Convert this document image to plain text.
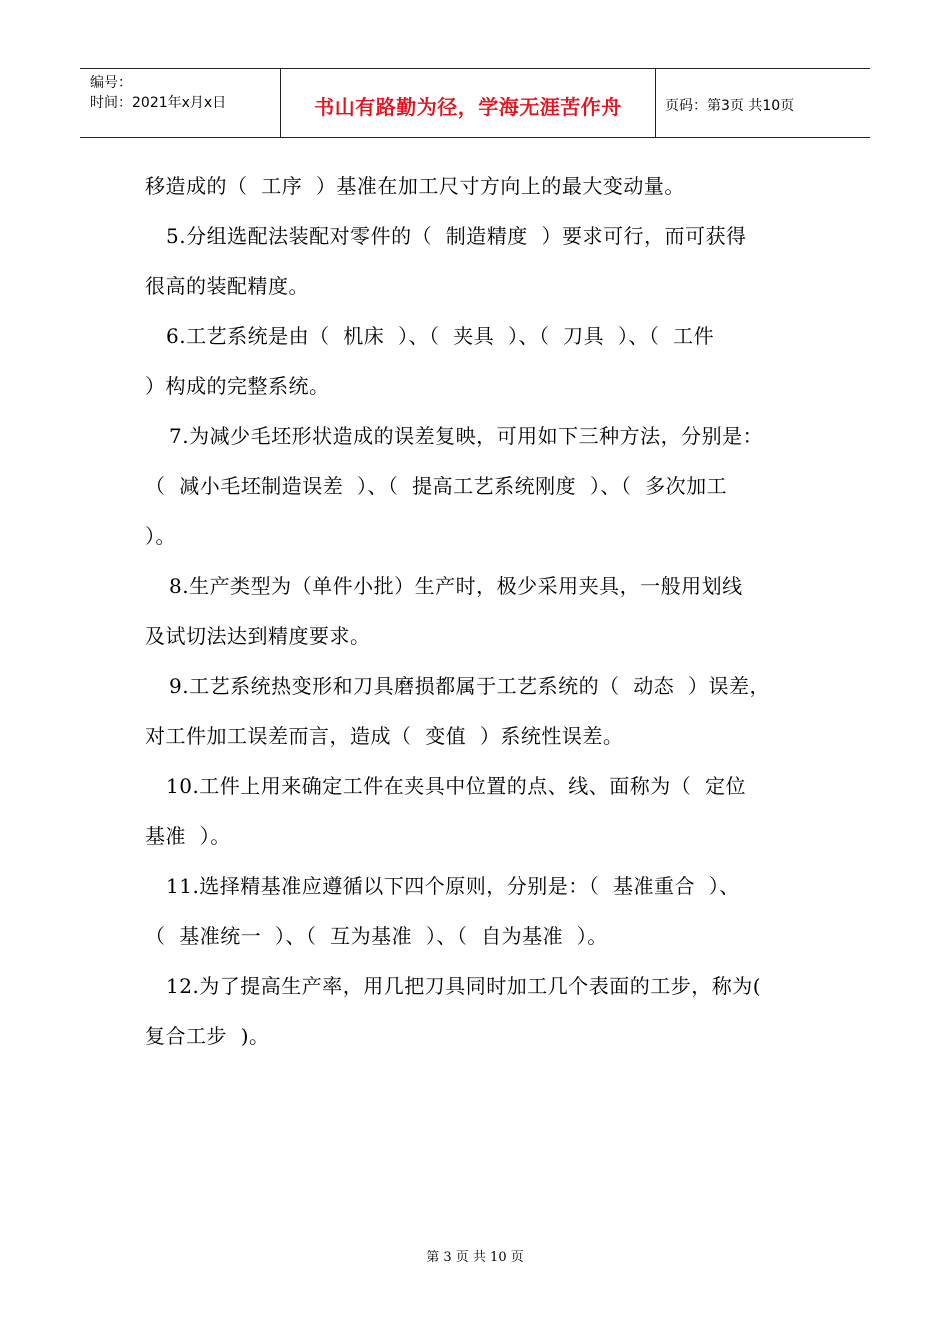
编号：
时间：2021年x月x日	书山有路勤为径，学海无涯苦作舟	页码：第3页 共10页
移造成的（  工序  ）基准在加工尺寸方向上的最大变动量。
5.分组选配法装配对零件的（  制造精度  ）要求可行，而可获得
很高的装配精度。
6.工艺系统是由（  机床  ）、（  夹具  ）、（  刀具  ）、（  工件
）构成的完整系统。
7.为减少毛坯形状造成的误差复映，可用如下三种方法，分别是：
（  减小毛坯制造误差  ）、（  提高工艺系统刚度  ）、（  多次加工
）。
8.生产类型为（单件小批）生产时，极少采用夹具，一般用划线
及试切法达到精度要求。
9.工艺系统热变形和刀具磨损都属于工艺系统的（  动态  ）误差，
对工件加工误差而言，造成（  变值  ）系统性误差。
10.工件上用来确定工件在夹具中位置的点、线、面称为（  定位
基准  ）。
11.选择精基准应遵循以下四个原则，分别是：（  基准重合  ）、
（  基准统一  ）、（  互为基准  ）、（  自为基准  ）。
12.为了提高生产率，用几把刀具同时加工几个表面的工步，称为(
复合工步  )。
第 3 页 共 10 页
